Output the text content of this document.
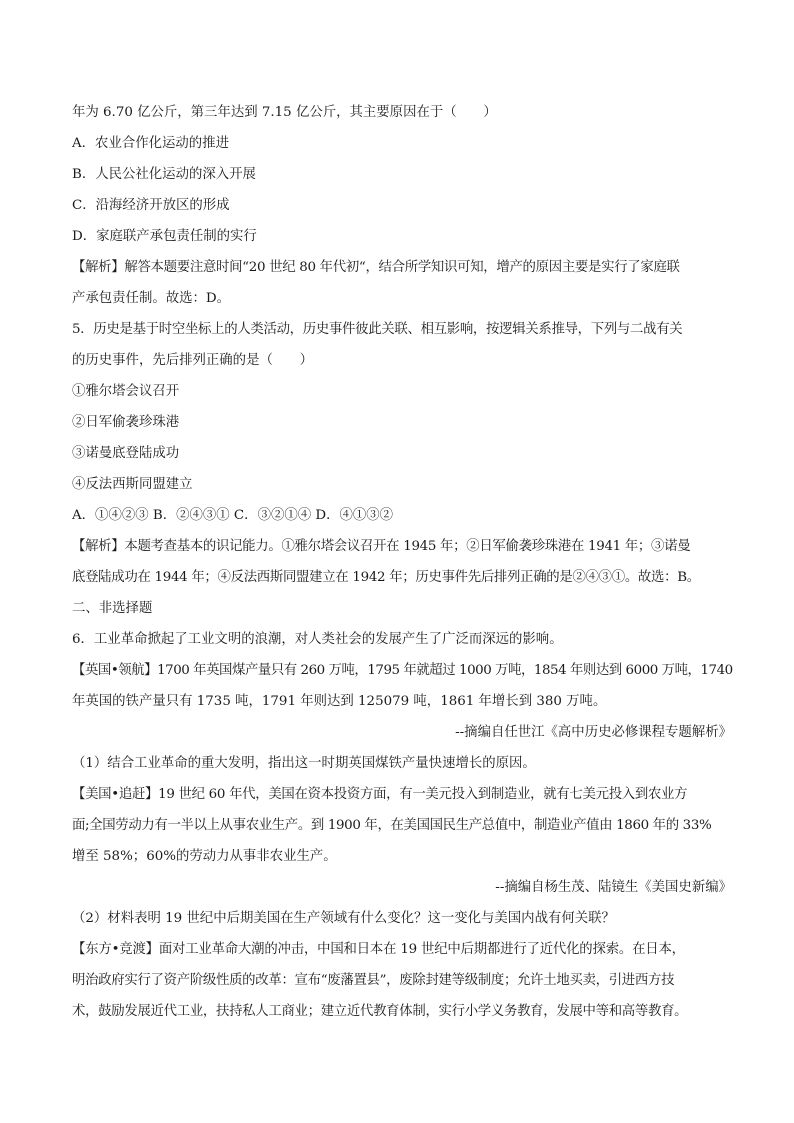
年为 6.70 亿公斤，第三年达到 7.15 亿公斤，其主要原因在于（　　）
A．农业合作化运动的推进
B．人民公社化运动的深入开展
C．沿海经济开放区的形成
D．家庭联产承包责任制的实行
【解析】解答本题要注意时间“20 世纪 80 年代初“，结合所学知识可知，增产的原因主要是实行了家庭联
产承包责任制。故选：D。
5．历史是基于时空坐标上的人类活动，历史事件彼此关联、相互影响，按逻辑关系推导，下列与二战有关
的历史事件，先后排列正确的是（　　）
①雅尔塔会议召开
②日军偷袭珍珠港
③诺曼底登陆成功
④反法西斯同盟建立
A．①④②③ B．②④③① C．③②①④ D．④①③②
【解析】本题考查基本的识记能力。①雅尔塔会议召开在 1945 年；②日军偷袭珍珠港在 1941 年；③诺曼
底登陆成功在 1944 年；④反法西斯同盟建立在 1942 年；历史事件先后排列正确的是②④③①。故选：B。
二、非选择题
6．工业革命掀起了工业文明的浪潮，对人类社会的发展产生了广泛而深远的影响。
【英国•领航】1700 年英国煤产量只有 260 万吨，1795 年就超过 1000 万吨，1854 年则达到 6000 万吨，1740
年英国的铁产量只有 1735 吨，1791 年则达到 125079 吨，1861 年增长到 380 万吨。
--摘编自任世江《高中历史必修课程专题解析》
（1）结合工业革命的重大发明，指出这一时期英国煤铁产量快速增长的原因。
【美国•追赶】19 世纪 60 年代，美国在资本投资方面，有一美元投入到制造业，就有七美元投入到农业方
面;全国劳动力有一半以上从事农业生产。到 1900 年，在美国国民生产总值中，制造业产值由 1860 年的 33%
增至 58%；60%的劳动力从事非农业生产。
--摘编自杨生茂、陆镜生《美国史新编》
（2）材料表明 19 世纪中后期美国在生产领域有什么变化？这一变化与美国内战有何关联？
【东方•竞渡】面对工业革命大潮的冲击，中国和日本在 19 世纪中后期都进行了近代化的探索。在日本，
明治政府实行了资产阶级性质的改革：宣布“废藩置县”，废除封建等级制度；允许土地买卖，引进西方技
术，鼓励发展近代工业，扶持私人工商业；建立近代教育体制，实行小学义务教育，发展中等和高等教育。
